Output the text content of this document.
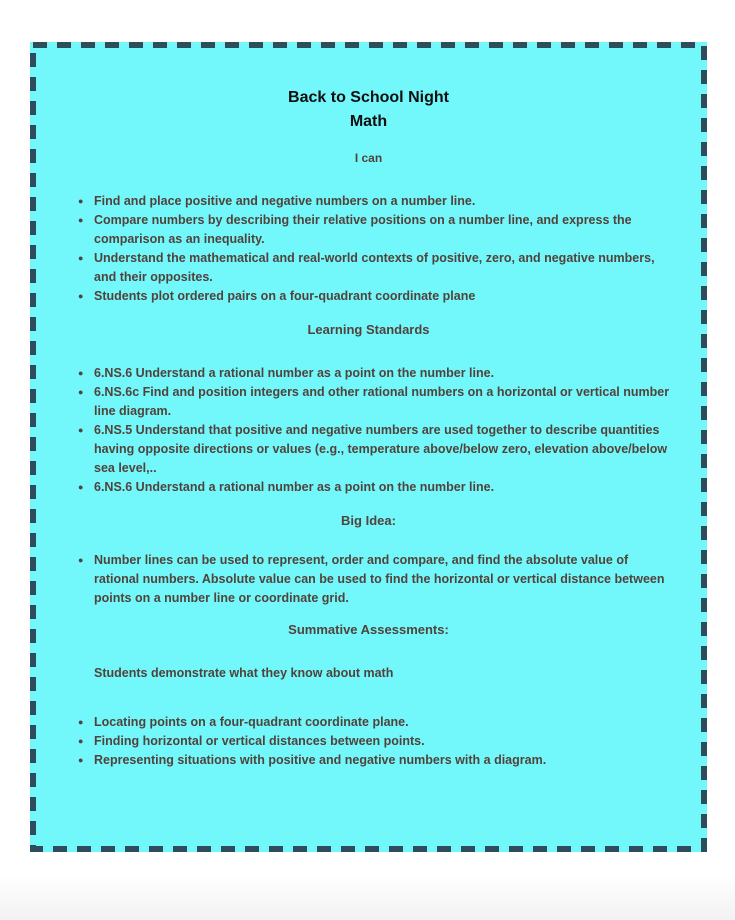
Back to School Night
Math
I can
● Find and place positive and negative numbers on a number line.
● Compare numbers by describing their relative positions on a number line, and express the comparison as an inequality.
● Understand the mathematical and real-world contexts of positive, zero, and negative numbers, and their opposites.
● Students plot ordered pairs on a four-quadrant coordinate plane
Learning Standards
● 6.NS.6 Understand a rational number as a point on the number line.
● 6.NS.6c Find and position integers and other rational numbers on a horizontal or vertical number line diagram.
● 6.NS.5 Understand that positive and negative numbers are used together to describe quantities having opposite directions or values (e.g., temperature above/below zero, elevation above/below sea level,..
● 6.NS.6 Understand a rational number as a point on the number line.
Big Idea:
● Number lines can be used to represent, order and compare, and find the absolute value of rational numbers. Absolute value can be used to find the horizontal or vertical distance between points on a number line or coordinate grid.
Summative Assessments:
Students demonstrate what they know about math
● Locating points on a four-quadrant coordinate plane.
● Finding horizontal or vertical distances between points.
● Representing situations with positive and negative numbers with a diagram.
